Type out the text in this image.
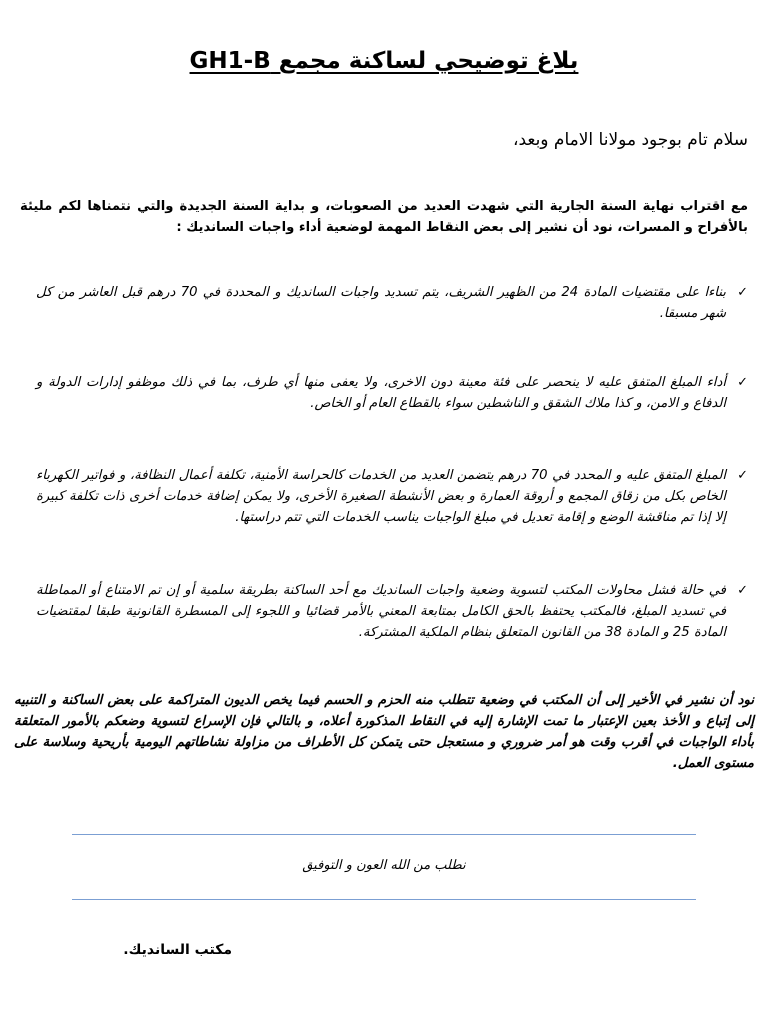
بلاغ توضيحي لساكنة مجمع GH1-B
سلام تام بوجود مولانا الامام وبعد،
مع اقتراب نهاية السنة الجارية التي شهدت العديد من الصعوبات، و بداية السنة الجديدة والتي نتمناها لكم مليئة بالأفراح و المسرات، نود أن نشير إلى بعض النقاط المهمة لوضعية أداء واجبات السانديك :
✓
بناءا على مقتضيات المادة 24 من الظهير الشريف، يتم تسديد واجبات السانديك و المحددة في 70 درهم قبل العاشر من كل شهر مسبقا.
✓
أداء المبلغ المتفق عليه لا ينحصر على فئة معينة دون الاخرى، ولا يعفى منها أي طرف، بما في ذلك موظفو إدارات الدولة و الدفاع و الامن، و كذا ملاك الشقق و الناشطين سواء بالقطاع العام أو الخاص.
✓
المبلغ المتفق عليه و المحدد في 70 درهم يتضمن العديد من الخدمات كالحراسة الأمنية، تكلفة أعمال النظافة، و فواتير الكهرباء الخاص بكل من زقاق المجمع و أروقة العمارة و بعض الأنشطة الصغيرة الأخرى، ولا يمكن إضافة خدمات أخرى ذات تكلفة كبيرة إلا إذا تم مناقشة الوضع و إقامة تعديل في مبلغ الواجبات يناسب الخدمات التي تتم دراستها.
✓
في حالة فشل محاولات المكتب لتسوية وضعية واجبات السانديك مع أحد الساكنة بطريقة سلمية أو إن تم الامتناع أو المماطلة في تسديد المبلغ، فالمكتب يحتفظ بالحق الكامل بمتابعة المعني بالأمر قضائيا و اللجوء إلى المسطرة القانونية طبقا لمقتضيات المادة 25 و المادة 38 من القانون المتعلق بنظام الملكية المشتركة.
نود أن نشير في الأخير إلى أن المكتب في وضعية تتطلب منه الحزم و الحسم فيما يخص الديون المتراكمة على بعض الساكنة و التنبيه إلى إتباع و الأخذ بعين الإعتبار ما تمت الإشارة إليه في النقاط المذكورة أعلاه، و بالتالي فإن الإسراع لتسوية وضعكم بالأمور المتعلقة بأداء الواجبات في أقرب وقت هو أمر ضروري و مستعجل حتى يتمكن كل الأطراف من مزاولة نشاطاتهم اليومية بأريحية وسلاسة على مستوى العمل.
نطلب من الله العون و التوفيق
مكتب السانديك.
